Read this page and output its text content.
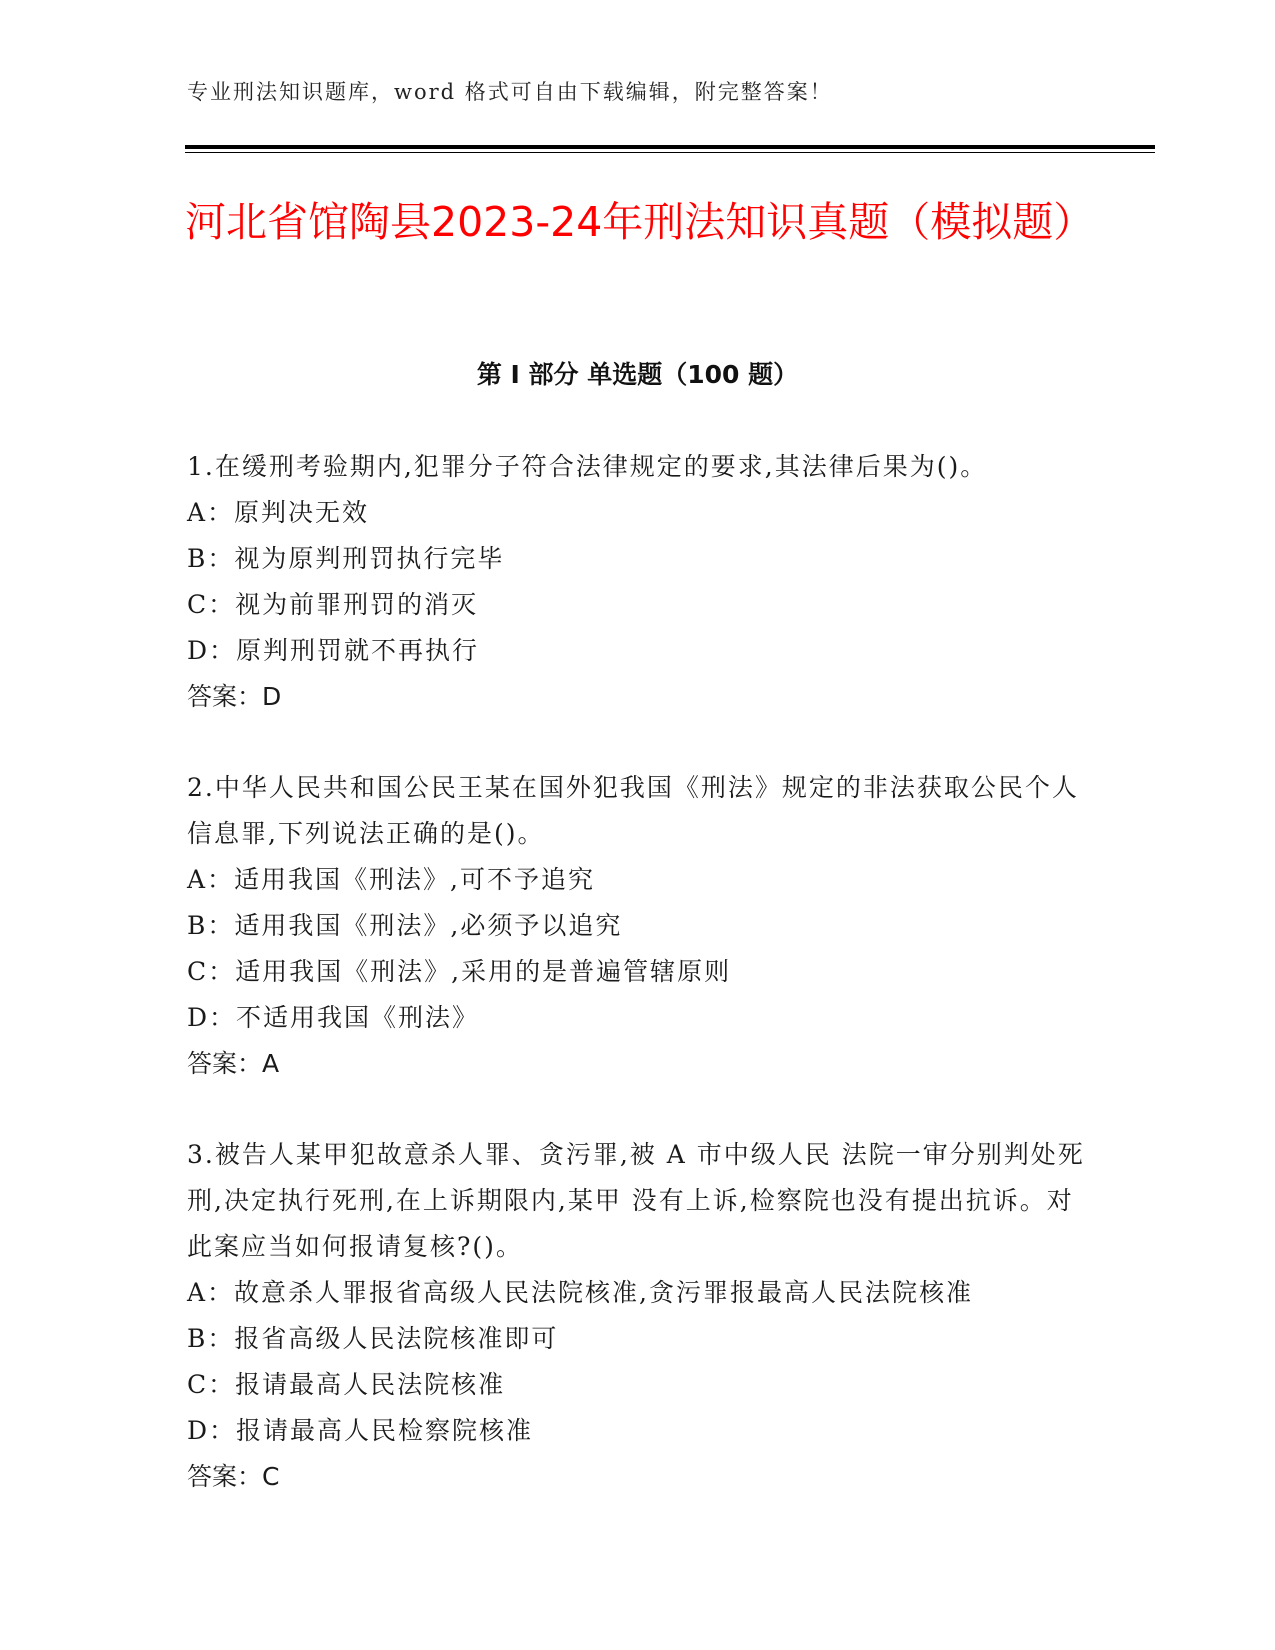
专业刑法知识题库，word 格式可自由下载编辑，附完整答案！
河北省馆陶县2023-24年刑法知识真题（模拟题）
第 I 部分 单选题（100 题）

1.在缓刑考验期内,犯罪分子符合法律规定的要求,其法律后果为()。

A：原判决无效

B：视为原判刑罚执行完毕

C：视为前罪刑罚的消灭

D：原判刑罚就不再执行

答案：D

2.中华人民共和国公民王某在国外犯我国《刑法》规定的非法获取公民个人信息罪,下列说法正确的是()。

A：适用我国《刑法》,可不予追究

B：适用我国《刑法》,必须予以追究

C：适用我国《刑法》,采用的是普遍管辖原则

D：不适用我国《刑法》

答案：A

3.被告人某甲犯故意杀人罪、贪污罪,被 A 市中级人民 法院一审分别判处死刑,决定执行死刑,在上诉期限内,某甲 没有上诉,检察院也没有提出抗诉。对此案应当如何报请复核?()。

A：故意杀人罪报省高级人民法院核准,贪污罪报最高人民法院核准

B：报省高级人民法院核准即可

C：报请最高人民法院核准

D：报请最高人民检察院核准

答案：C
